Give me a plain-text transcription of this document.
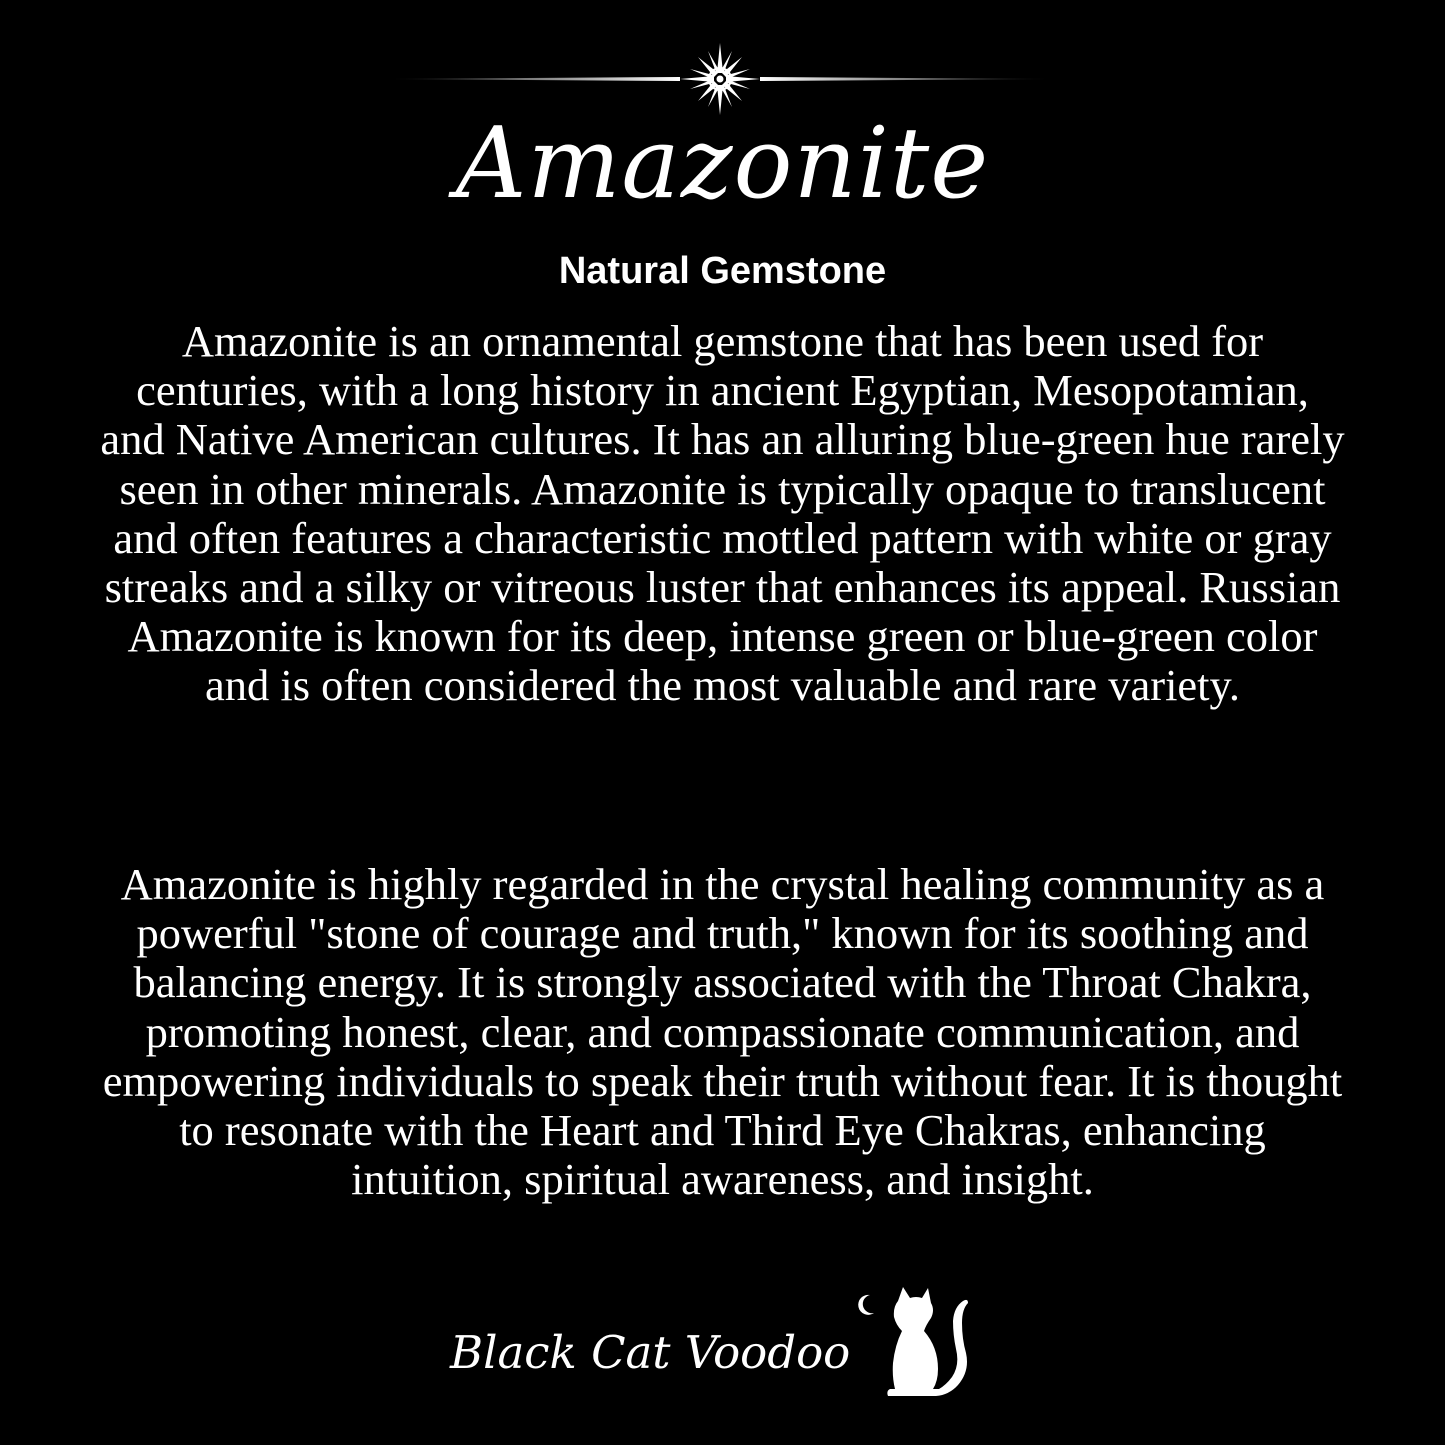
Amazonite
Natural Gemstone

Amazonite is an ornamental gemstone that has been used for centuries, with a long history in ancient Egyptian, Mesopotamian, and Native American cultures. It has an alluring blue-green hue rarely seen in other minerals. Amazonite is typically opaque to translucent and often features a characteristic mottled pattern with white or gray streaks and a silky or vitreous luster that enhances its appeal. Russian Amazonite is known for its deep, intense green or blue-green color and is often considered the most valuable and rare variety.

Amazonite is highly regarded in the crystal healing community as a powerful "stone of courage and truth," known for its soothing and balancing energy. It is strongly associated with the Throat Chakra, promoting honest, clear, and compassionate communication, and empowering individuals to speak their truth without fear. It is thought to resonate with the Heart and Third Eye Chakras, enhancing intuition, spiritual awareness, and insight.

Black Cat Voodoo
